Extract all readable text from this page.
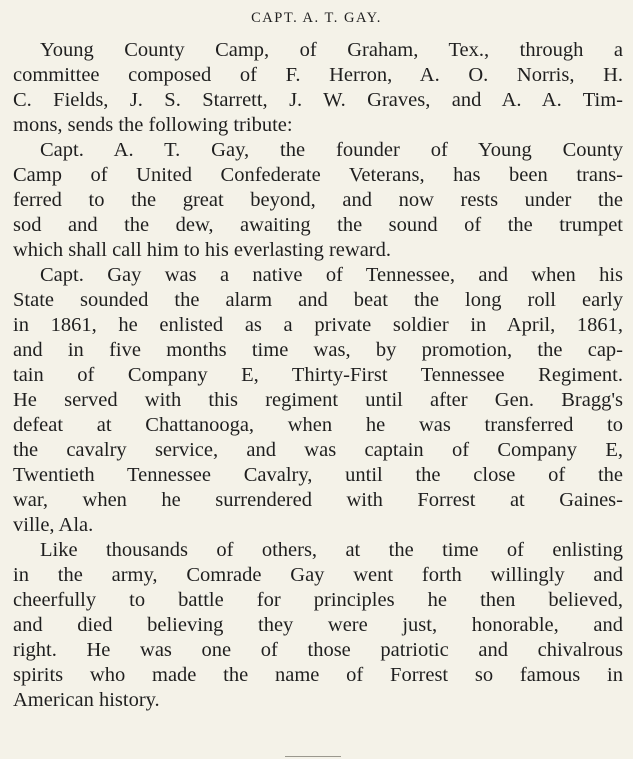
CAPT. A. T. GAY.
Young County Camp, of Graham, Tex., through a
committee composed of F. Herron, A. O. Norris, H.
C. Fields, J. S. Starrett, J. W. Graves, and A. A. Tim-
mons, sends the following tribute:
Capt. A. T. Gay, the founder of Young County
Camp of United Confederate Veterans, has been trans-
ferred to the great beyond, and now rests under the
sod and the dew, awaiting the sound of the trumpet
which shall call him to his everlasting reward.
Capt. Gay was a native of Tennessee, and when his
State sounded the alarm and beat the long roll early
in 1861, he enlisted as a private soldier in April, 1861,
and in five months time was, by promotion, the cap-
tain of Company E, Thirty-First Tennessee Regiment.
He served with this regiment until after Gen. Bragg's
defeat at Chattanooga, when he was transferred to
the cavalry service, and was captain of Company E,
Twentieth Tennessee Cavalry, until the close of the
war, when he surrendered with Forrest at Gaines-
ville, Ala.
Like thousands of others, at the time of enlisting
in the army, Comrade Gay went forth willingly and
cheerfully to battle for principles he then believed,
and died believing they were just, honorable, and
right. He was one of those patriotic and chivalrous
spirits who made the name of Forrest so famous in
American history.
